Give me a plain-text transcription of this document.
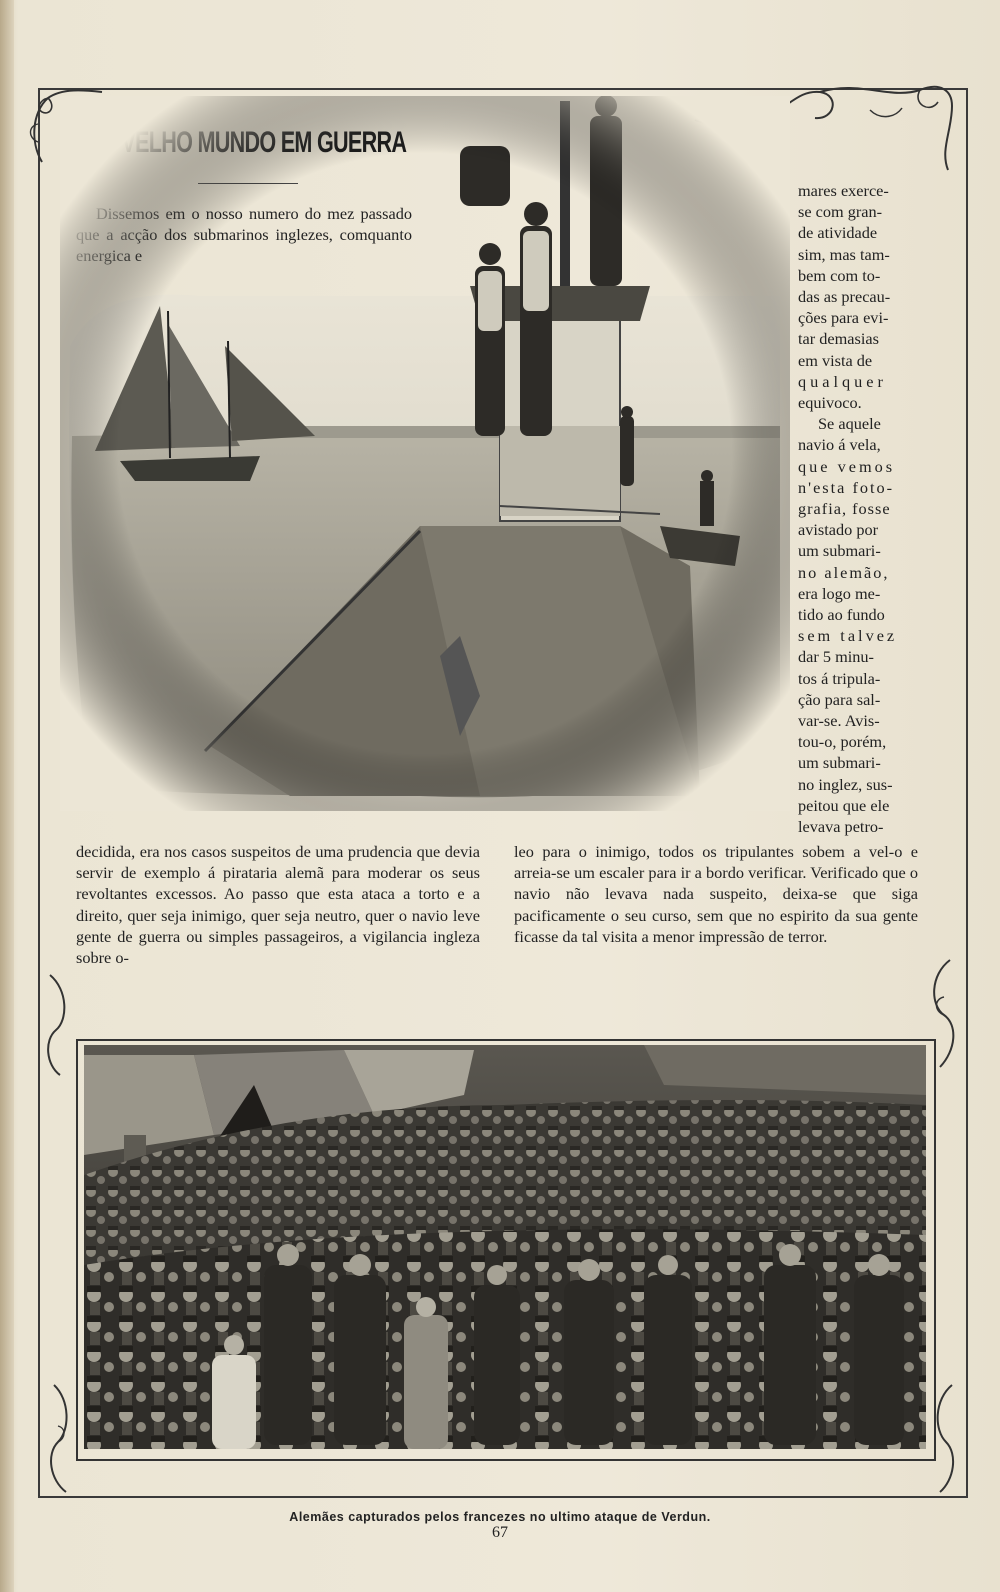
mares exerce-

se com gran-

de atividade

sim, mas tam-

bem com to-

das as precau-

ções para evi-

tar demasias

em vista de

qualquer

equivoco.

Se aquele

navio á vela,

que vemos

n'esta foto-

grafia, fosse

avistado por

um submari-

no alemão,

era logo me-

tido ao fundo

sem talvez

dar 5 minu-

tos á tripula-

ção para sal-

var-se. Avis-

tou-o, porém,

um submari-

no inglez, sus-

peitou que ele

levava petro-

decidida, era nos casos suspeitos de uma prudencia que devia servir de exemplo á pirataria alemã para moderar os seus revoltantes excessos. Ao passo que esta ataca a torto e a direito, quer seja inimigo, quer seja neutro, quer o navio leve gente de guerra ou simples passageiros, a vigilancia ingleza sobre o-

leo para o inimigo, todos os tripulantes sobem a vel-o e arreia-se um escaler para ir a bordo verificar. Verificado que o navio não levava nada suspeito, deixa-se que siga pacificamente o seu curso, sem que no espirito da sua gente ficasse da tal visita a menor impressão de terror.

Alemães capturados pelos francezes no ultimo ataque de Verdun.
67
